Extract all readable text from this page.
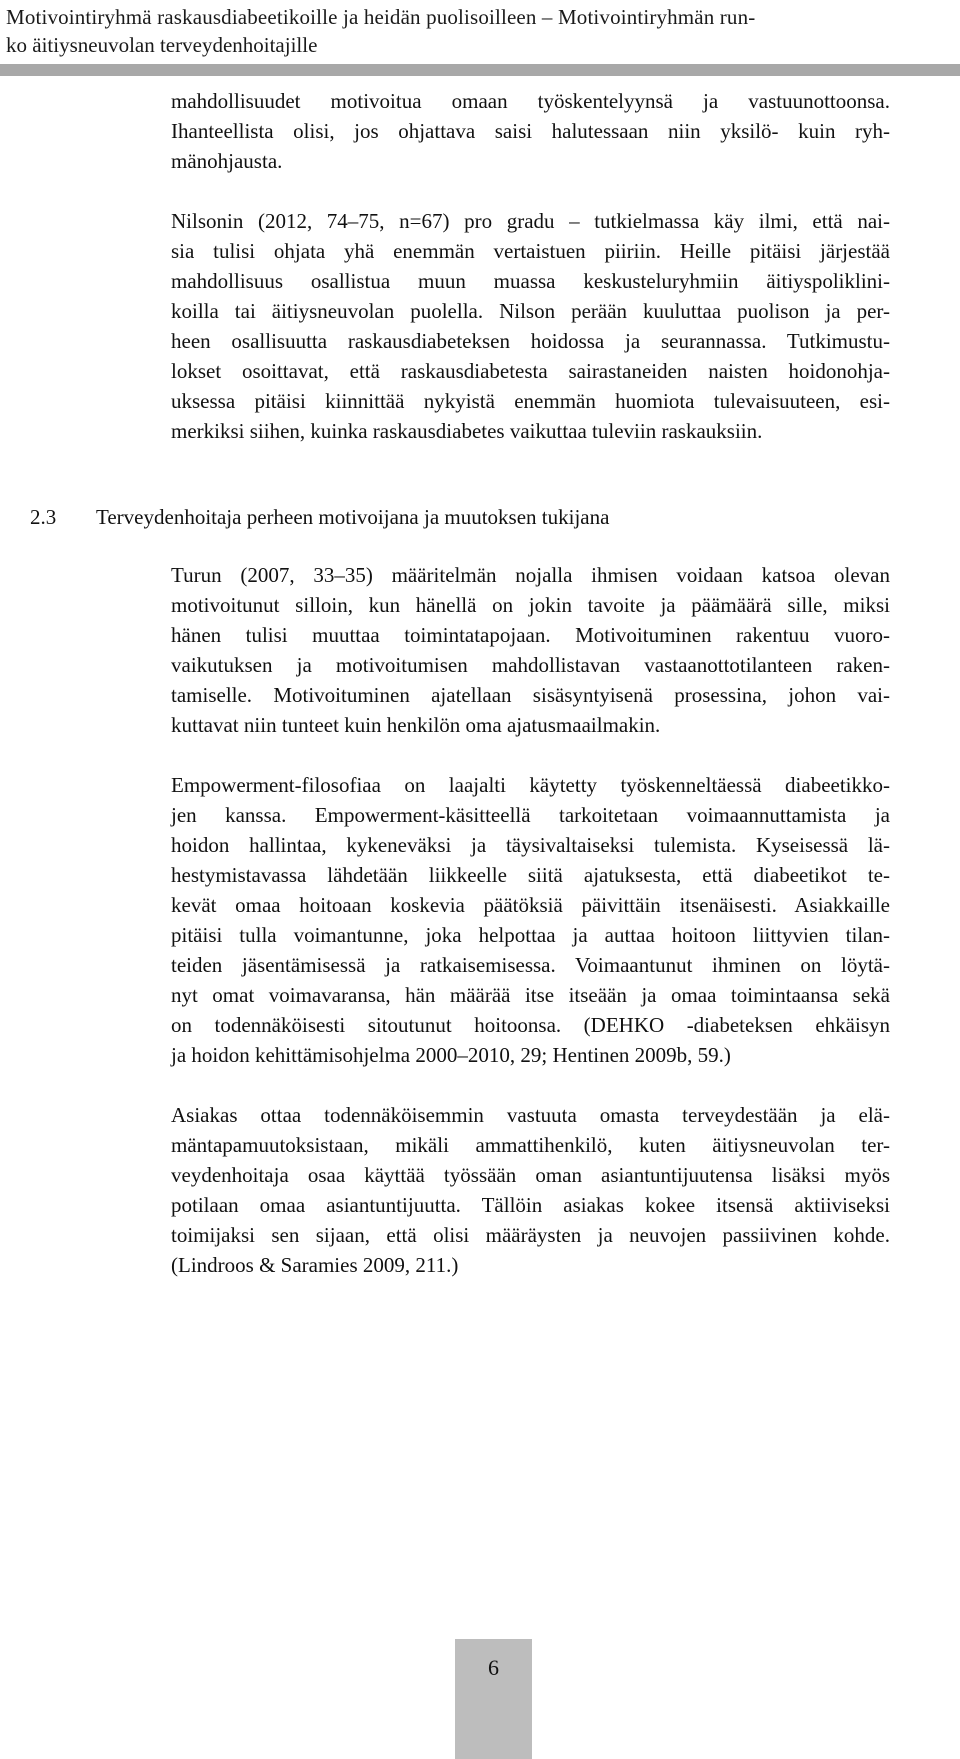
Motivointiryhmä raskausdiabeetikoille ja heidän puolisoilleen – Motivointiryhmän run-
ko äitiysneuvolan terveydenhoitajille
mahdollisuudet motivoitua omaan työskentelyynsä ja vastuunottoonsa.
Ihanteellista olisi, jos ohjattava saisi halutessaan niin yksilö- kuin ryh-
mänohjausta.
Nilsonin (2012, 74–75, n=67) pro gradu – tutkielmassa käy ilmi, että nai-
sia tulisi ohjata yhä enemmän vertaistuen piiriin. Heille pitäisi järjestää
mahdollisuus osallistua muun muassa keskusteluryhmiin äitiyspoliklini-
koilla tai äitiysneuvolan puolella. Nilson perään kuuluttaa puolison ja per-
heen osallisuutta raskausdiabeteksen hoidossa ja seurannassa. Tutkimustu-
lokset osoittavat, että raskausdiabetesta sairastaneiden naisten hoidonohja-
uksessa pitäisi kiinnittää nykyistä enemmän huomiota tulevaisuuteen, esi-
merkiksi siihen, kuinka raskausdiabetes vaikuttaa tuleviin raskauksiin.
2.3 Terveydenhoitaja perheen motivoijana ja muutoksen tukijana
Turun (2007, 33–35) määritelmän nojalla ihmisen voidaan katsoa olevan
motivoitunut silloin, kun hänellä on jokin tavoite ja päämäärä sille, miksi
hänen tulisi muuttaa toimintatapojaan. Motivoituminen rakentuu vuoro-
vaikutuksen ja motivoitumisen mahdollistavan vastaanottotilanteen raken-
tamiselle. Motivoituminen ajatellaan sisäsyntyisenä prosessina, johon vai-
kuttavat niin tunteet kuin henkilön oma ajatusmaailmakin.
Empowerment-filosofiaa on laajalti käytetty työskenneltäessä diabeetikko-
jen kanssa. Empowerment-käsitteellä tarkoitetaan voimaannuttamista ja
hoidon hallintaa, kykeneväksi ja täysivaltaiseksi tulemista. Kyseisessä lä-
hestymistavassa lähdetään liikkeelle siitä ajatuksesta, että diabeetikot te-
kevät omaa hoitoaan koskevia päätöksiä päivittäin itsenäisesti. Asiakkaille
pitäisi tulla voimantunne, joka helpottaa ja auttaa hoitoon liittyvien tilan-
teiden jäsentämisessä ja ratkaisemisessa. Voimaantunut ihminen on löytä-
nyt omat voimavaransa, hän määrää itse itseään ja omaa toimintaansa sekä
on todennäköisesti sitoutunut hoitoonsa. (DEHKO -diabeteksen ehkäisyn
ja hoidon kehittämisohjelma 2000–2010, 29; Hentinen 2009b, 59.)
Asiakas ottaa todennäköisemmin vastuuta omasta terveydestään ja elä-
mäntapamuutoksistaan, mikäli ammattihenkilö, kuten äitiysneuvolan ter-
veydenhoitaja osaa käyttää työssään oman asiantuntijuutensa lisäksi myös
potilaan omaa asiantuntijuutta. Tällöin asiakas kokee itsensä aktiiviseksi
toimijaksi sen sijaan, että olisi määräysten ja neuvojen passiivinen kohde.
(Lindroos & Saramies 2009, 211.)
6
